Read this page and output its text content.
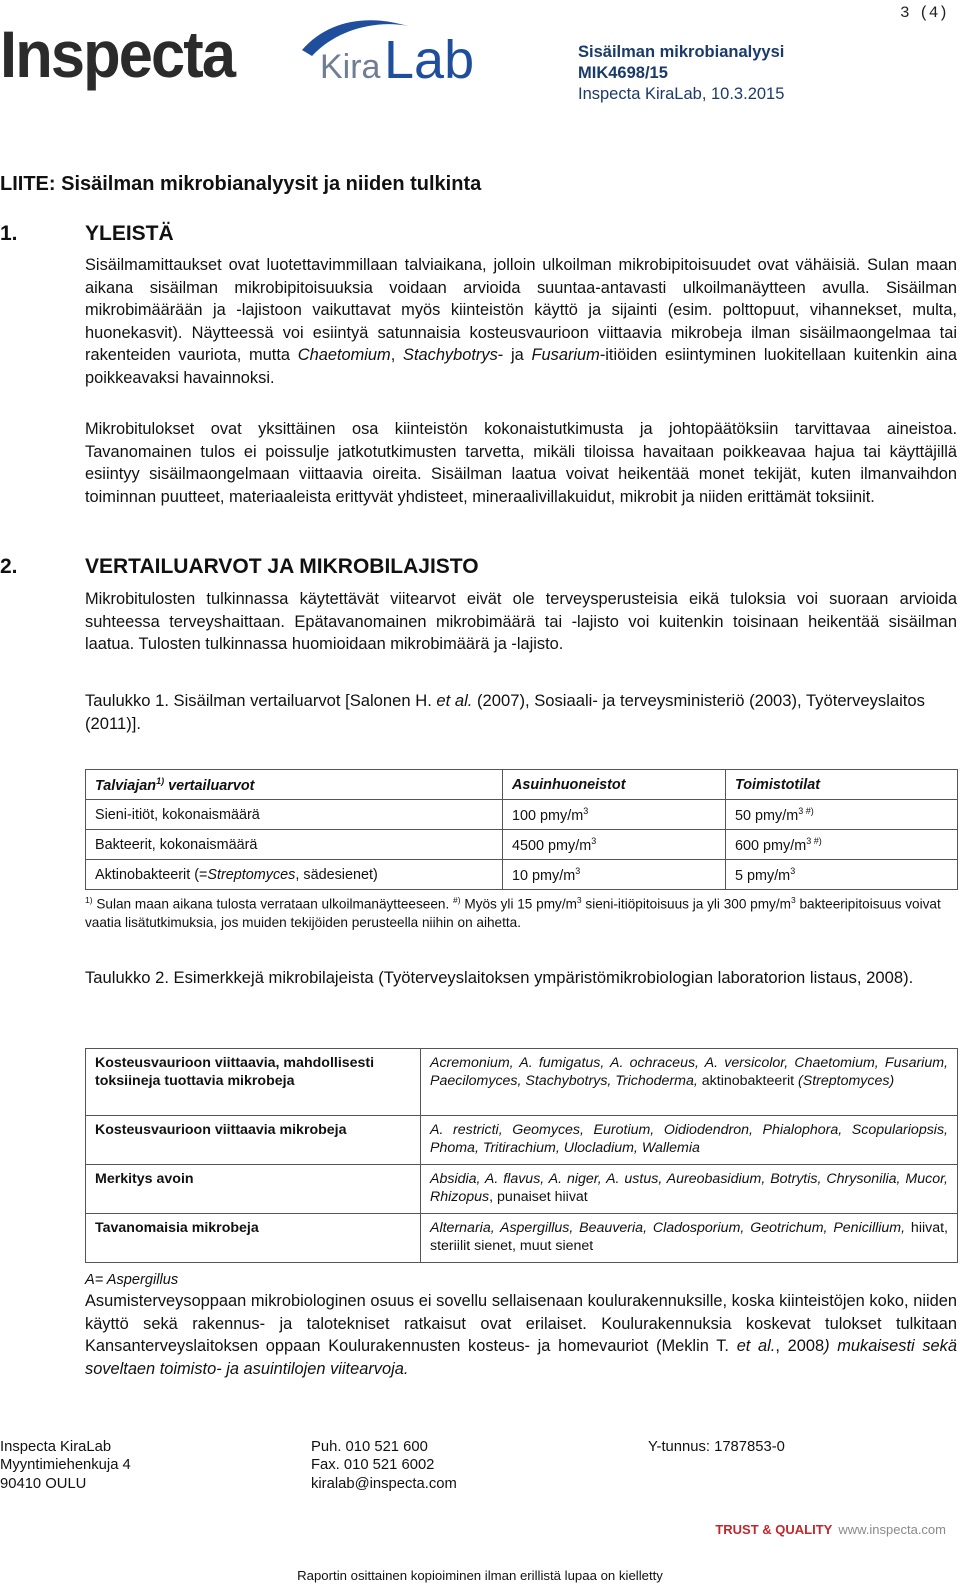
3 (4)
Inspecta	Kira Lab	Sisäilman mikrobianalyysi
MIK4698/15
Inspecta KiraLab, 10.3.2015
LIITE: Sisäilman mikrobianalyysit ja niiden tulkinta
1.	YLEISTÄ
Sisäilmamittaukset ovat luotettavimmillaan talviaikana, jolloin ulkoilman mikrobipitoisuudet ovat vähäisiä. Sulan maan aikana sisäilman mikrobipitoisuuksia voidaan arvioida suuntaa-antavasti ulkoilmanäytteen avulla. Sisäilman mikrobimäärään ja -lajistoon vaikuttavat myös kiinteistön käyttö ja sijainti (esim. polttopuut, vihannekset, multa, huonekasvit). Näytteessä voi esiintyä satunnaisia kosteusvaurioon viittaavia mikrobeja ilman sisäilmaongelmaa tai rakenteiden vauriota, mutta Chaetomium, Stachybotrys- ja Fusarium-itiöiden esiintyminen luokitellaan kuitenkin aina poikkeavaksi havainnoksi.
Mikrobitulokset ovat yksittäinen osa kiinteistön kokonaistutkimusta ja johtopäätöksiin tarvittavaa aineistoa. Tavanomainen tulos ei poissulje jatkotutkimusten tarvetta, mikäli tiloissa havaitaan poikkeavaa hajua tai käyttäjillä esiintyy sisäilmaongelmaan viittaavia oireita. Sisäilman laatua voivat heikentää monet tekijät, kuten ilmanvaihdon toiminnan puutteet, materiaaleista erittyvät yhdisteet, mineraalivillakuidut, mikrobit ja niiden erittämät toksiinit.
2.	VERTAILUARVOT JA MIKROBILAJISTO
Mikrobitulosten tulkinnassa käytettävät viitearvot eivät ole terveysperusteisia eikä tuloksia voi suoraan arvioida suhteessa terveyshaittaan. Epätavanomainen mikrobimäärä tai -lajisto voi kuitenkin toisinaan heikentää sisäilman laatua. Tulosten tulkinnassa huomioidaan mikrobimäärä ja -lajisto.
Taulukko 1. Sisäilman vertailuarvot [Salonen H. et al. (2007), Sosiaali- ja terveysministeriö (2003), Työterveyslaitos (2011)].
Talviajan$^{1)}$ vertailuarvot	Asuinhuoneistot	Toimistotilat
Sieni-itiöt, kokonaismäärä	100 pmy/$m^3$	50 pmy/$m^{3 \#)}$
Bakteerit, kokonaismäärä	4500 pmy/$m^3$	600 pmy/$m^{3 \#)}$
Aktinobakteerit (=Streptomyces, sädesienet)	10 pmy/$m^3$	5 pmy/$m^3$
$^{1)}$ Sulan maan aikana tulosta verrataan ulkoilmanäytteeseen. #) Myös yli 15 pmy/$m^3$ sieni-itiöpitoisuus ja yli 300 pmy/$m^3$ bakteeripitoisuus voivat vaatia lisätutkimuksia, jos muiden tekijöiden perusteella niihin on aihetta.
Taulukko 2. Esimerkkejä mikrobilajeista (Työterveyslaitoksen ympäristömikrobiologian laboratorion listaus, 2008).
Kosteusvaurioon viittaavia, mahdollisesti toksiineja tuottavia mikrobeja	Acremonium, A. fumigatus, A. ochraceus, A. versicolor, Chaetomium, Fusarium, Paecilomyces, Stachybotrys, Trichoderma, aktinobakteerit (Streptomyces)
Kosteusvaurioon viittaavia mikrobeja	A. restricti, Geomyces, Eurotium, Oidiodendron, Phialophora, Scopulariopsis, Phoma, Tritirachium, Ulocladium, Wallemia
Merkitys avoin	Absidia, A. flavus, A. niger, A. ustus, Aureobasidium, Botrytis, Chrysonilia, Mucor, Rhizopus, punaiset hiivat
Tavanomaisia mikrobeja	Alternaria, Aspergillus, Beauveria, Cladosporium, Geotrichum, Penicillium, hiivat, steriilit sienet, muut sienet
A= Aspergillus
Asumisterveysoppaan mikrobiologinen osuus ei sovellu sellaisenaan koulurakennuksille, koska kiinteistöjen koko, niiden käyttö sekä rakennus- ja talotekniset ratkaisut ovat erilaiset. Koulurakennuksia koskevat tulokset tulkitaan Kansanterveyslaitoksen oppaan Koulurakennusten kosteus- ja homevauriot (Meklin T. et al., 2008) mukaisesti sekä soveltaen toimisto- ja asuintilojen viitearvoja.
Inspecta KiraLab
Myyntimiehenkuja 4
90410 OULU
Puh. 010 521 600
Fax. 010 521 6002
kiralab@inspecta.com
Y-tunnus: 1787853-0
TRUST & QUALITY www.inspecta.com
Raportin osittainen kopioiminen ilman erillistä lupaa on kielletty
